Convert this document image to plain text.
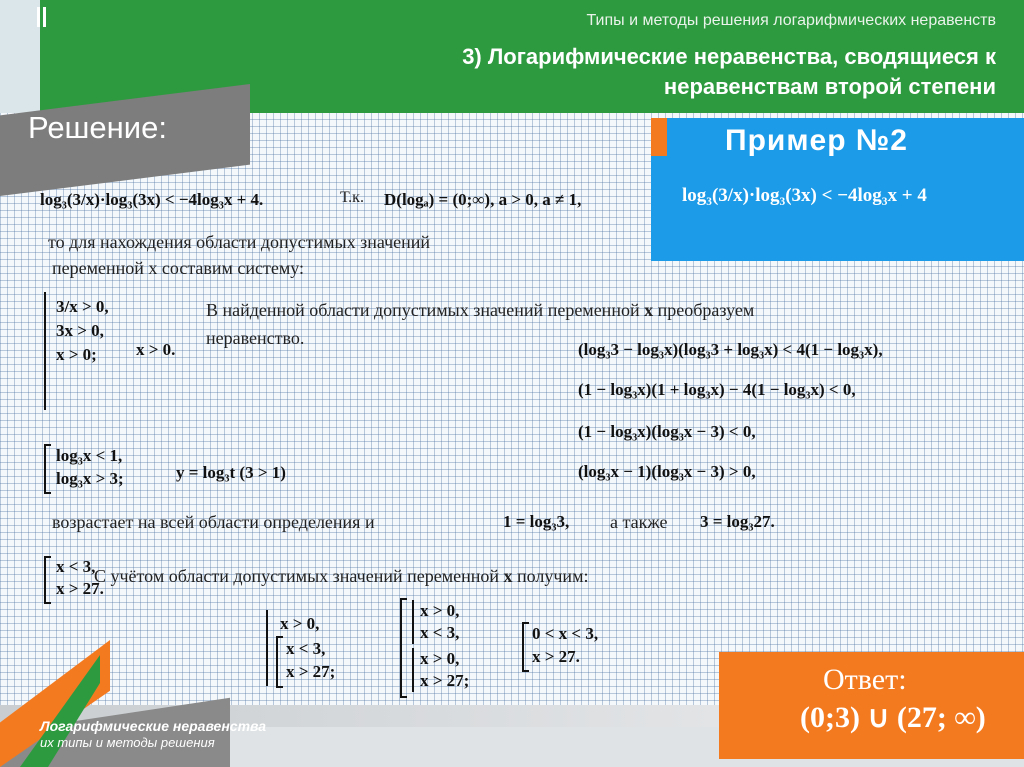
Типы и методы решения логарифмических неравенств
3) Логарифмические неравенства, сводящиеся к
неравенствам второй степени
Решение:	Пример №2
log₃(3/x)·log₃(3x) < −4log₃x + 4
log₃(3/x)·log₃(3x) < −4log₃x + 4.	Т.к. D(logₐ) = (0;∞), a > 0, a ≠ 1,
то для нахождения области допустимых значений
переменной х составим систему:
3/x > 0,
3x > 0,
x > 0;	x > 0.
В найденной области допустимых значений переменной x преобразуем
неравенство.
(log₃3 − log₃x)(log₃3 + log₃x) < 4(1 − log₃x),
(1 − log₃x)(1 + log₃x) − 4(1 − log₃x) < 0,
(1 − log₃x)(log₃x − 3) < 0,
(log₃x − 1)(log₃x − 3) > 0,
log₃x < 1,
log₃x > 3;	y = log₃t (3 > 1)
возрастает на всей области определения и	1 = log₃3, а также 3 = log₃27.
x < 3,
x > 27.
С учётом области допустимых значений переменной x получим:
x > 0,
x < 3,
x > 27;
x > 0,
x < 3,
x > 0,
x > 27;
0 < x < 3,
x > 27.
Логарифмические неравенства
их типы и методы решения
Ответ:
(0;3) ∪ (27; ∞)
